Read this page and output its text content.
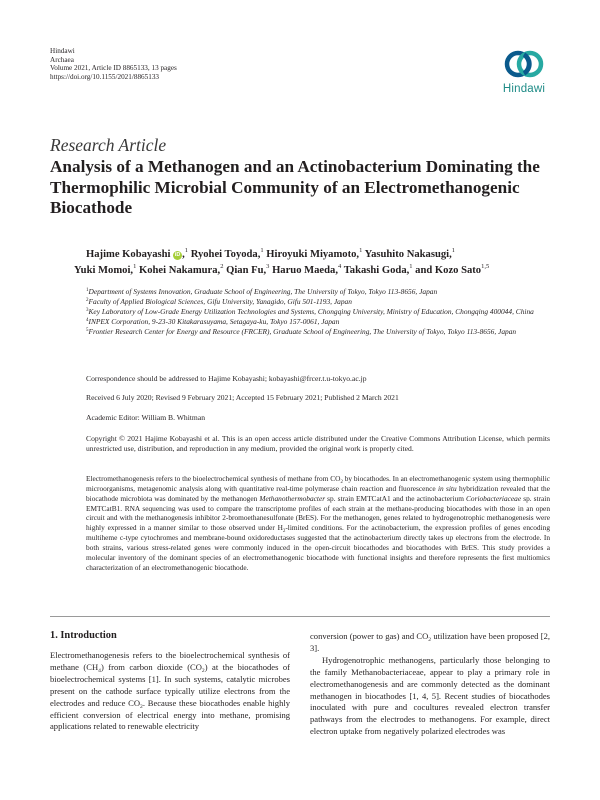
Hindawi
Archaea
Volume 2021, Article ID 8865133, 13 pages
https://doi.org/10.1155/2021/8865133
Hindawi
Research Article
Analysis of a Methanogen and an Actinobacterium Dominating the Thermophilic Microbial Community of an Electromethanogenic Biocathode
Hajime Kobayashi iD ,$^1$ Ryohei Toyoda,$^1$ Hiroyuki Miyamoto,$^1$ Yasuhito Nakasugi,$^1$
Yuki Momoi,$^1$ Kohei Nakamura,$^2$ Qian Fu,$^3$ Haruo Maeda,$^4$ Takashi Goda,$^1$ and Kozo Sato$^{1,5}$
$^1$Department of Systems Innovation, Graduate School of Engineering, The University of Tokyo, Tokyo 113-8656, Japan
$^2$Faculty of Applied Biological Sciences, Gifu University, Yanagido, Gifu 501-1193, Japan
$^3$Key Laboratory of Low-Grade Energy Utilization Technologies and Systems, Chongqing University, Ministry of Education, Chongqing 400044, China
$^4$INPEX Corporation, 9-23-30 Kitakarasuyama, Setagaya-ku, Tokyo 157-0061, Japan
$^5$Frontier Research Center for Energy and Resource (FRCER), Graduate School of Engineering, The University of Tokyo, Tokyo 113-8656, Japan
Correspondence should be addressed to Hajime Kobayashi; kobayashi@frcer.t.u-tokyo.ac.jp
Received 6 July 2020; Revised 9 February 2021; Accepted 15 February 2021; Published 2 March 2021
Academic Editor: William B. Whitman
Copyright © 2021 Hajime Kobayashi et al. This is an open access article distributed under the Creative Commons Attribution License, which permits unrestricted use, distribution, and reproduction in any medium, provided the original work is properly cited.
Electromethanogenesis refers to the bioelectrochemical synthesis of methane from $CO_2$ by biocathodes. In an electromethanogenic system using thermophilic microorganisms, metagenomic analysis along with quantitative real-time polymerase chain reaction and fluorescence in situ hybridization revealed that the biocathode microbiota was dominated by the methanogen Methanothermobacter sp. strain EMTCatA1 and the actinobacterium Coriobacteriaceae sp. strain EMTCatB1. RNA sequencing was used to compare the transcriptome profiles of each strain at the methane-producing biocathodes with those in an open circuit and with the methanogenesis inhibitor 2-bromoethanesulfonate (BrES). For the methanogen, genes related to hydrogenotrophic methanogenesis were highly expressed in a manner similar to those observed under $H_2$-limited conditions. For the actinobacterium, the expression profiles of genes encoding multiheme c-type cytochromes and membrane-bound oxidoreductases suggested that the actinobacterium directly takes up electrons from the electrode. In both strains, various stress-related genes were commonly induced in the open-circuit biocathodes and biocathodes with BrES. This study provides a molecular inventory of the dominant species of an electromethanogenic biocathode with functional insights and therefore represents the first multiomics characterization of an electromethanogenic biocathode.
1. Introduction

Electromethanogenesis refers to the bioelectrochemical synthesis of methane $(CH_4)$ from carbon dioxide $(CO_2)$ at the biocathodes of bioelectrochemical systems [1]. In such systems, catalytic microbes present on the cathode surface typically utilize electrons from the electrodes and reduce $CO_2$. Because these biocathodes enable highly efficient conversion of electrical energy into methane, promising applications related to renewable electricity

conversion (power to gas) and $CO_2$ utilization have been proposed [2, 3].

Hydrogenotrophic methanogens, particularly those belonging to the family Methanobacteriaceae, appear to play a primary role in electromethanogenesis and are commonly detected as the dominant methanogen in biocathodes [1, 4, 5]. Recent studies of biocathodes inoculated with pure and cocultures revealed electron transfer pathways from the electrodes to methanogens. For example, direct electron uptake from negatively polarized electrodes was
